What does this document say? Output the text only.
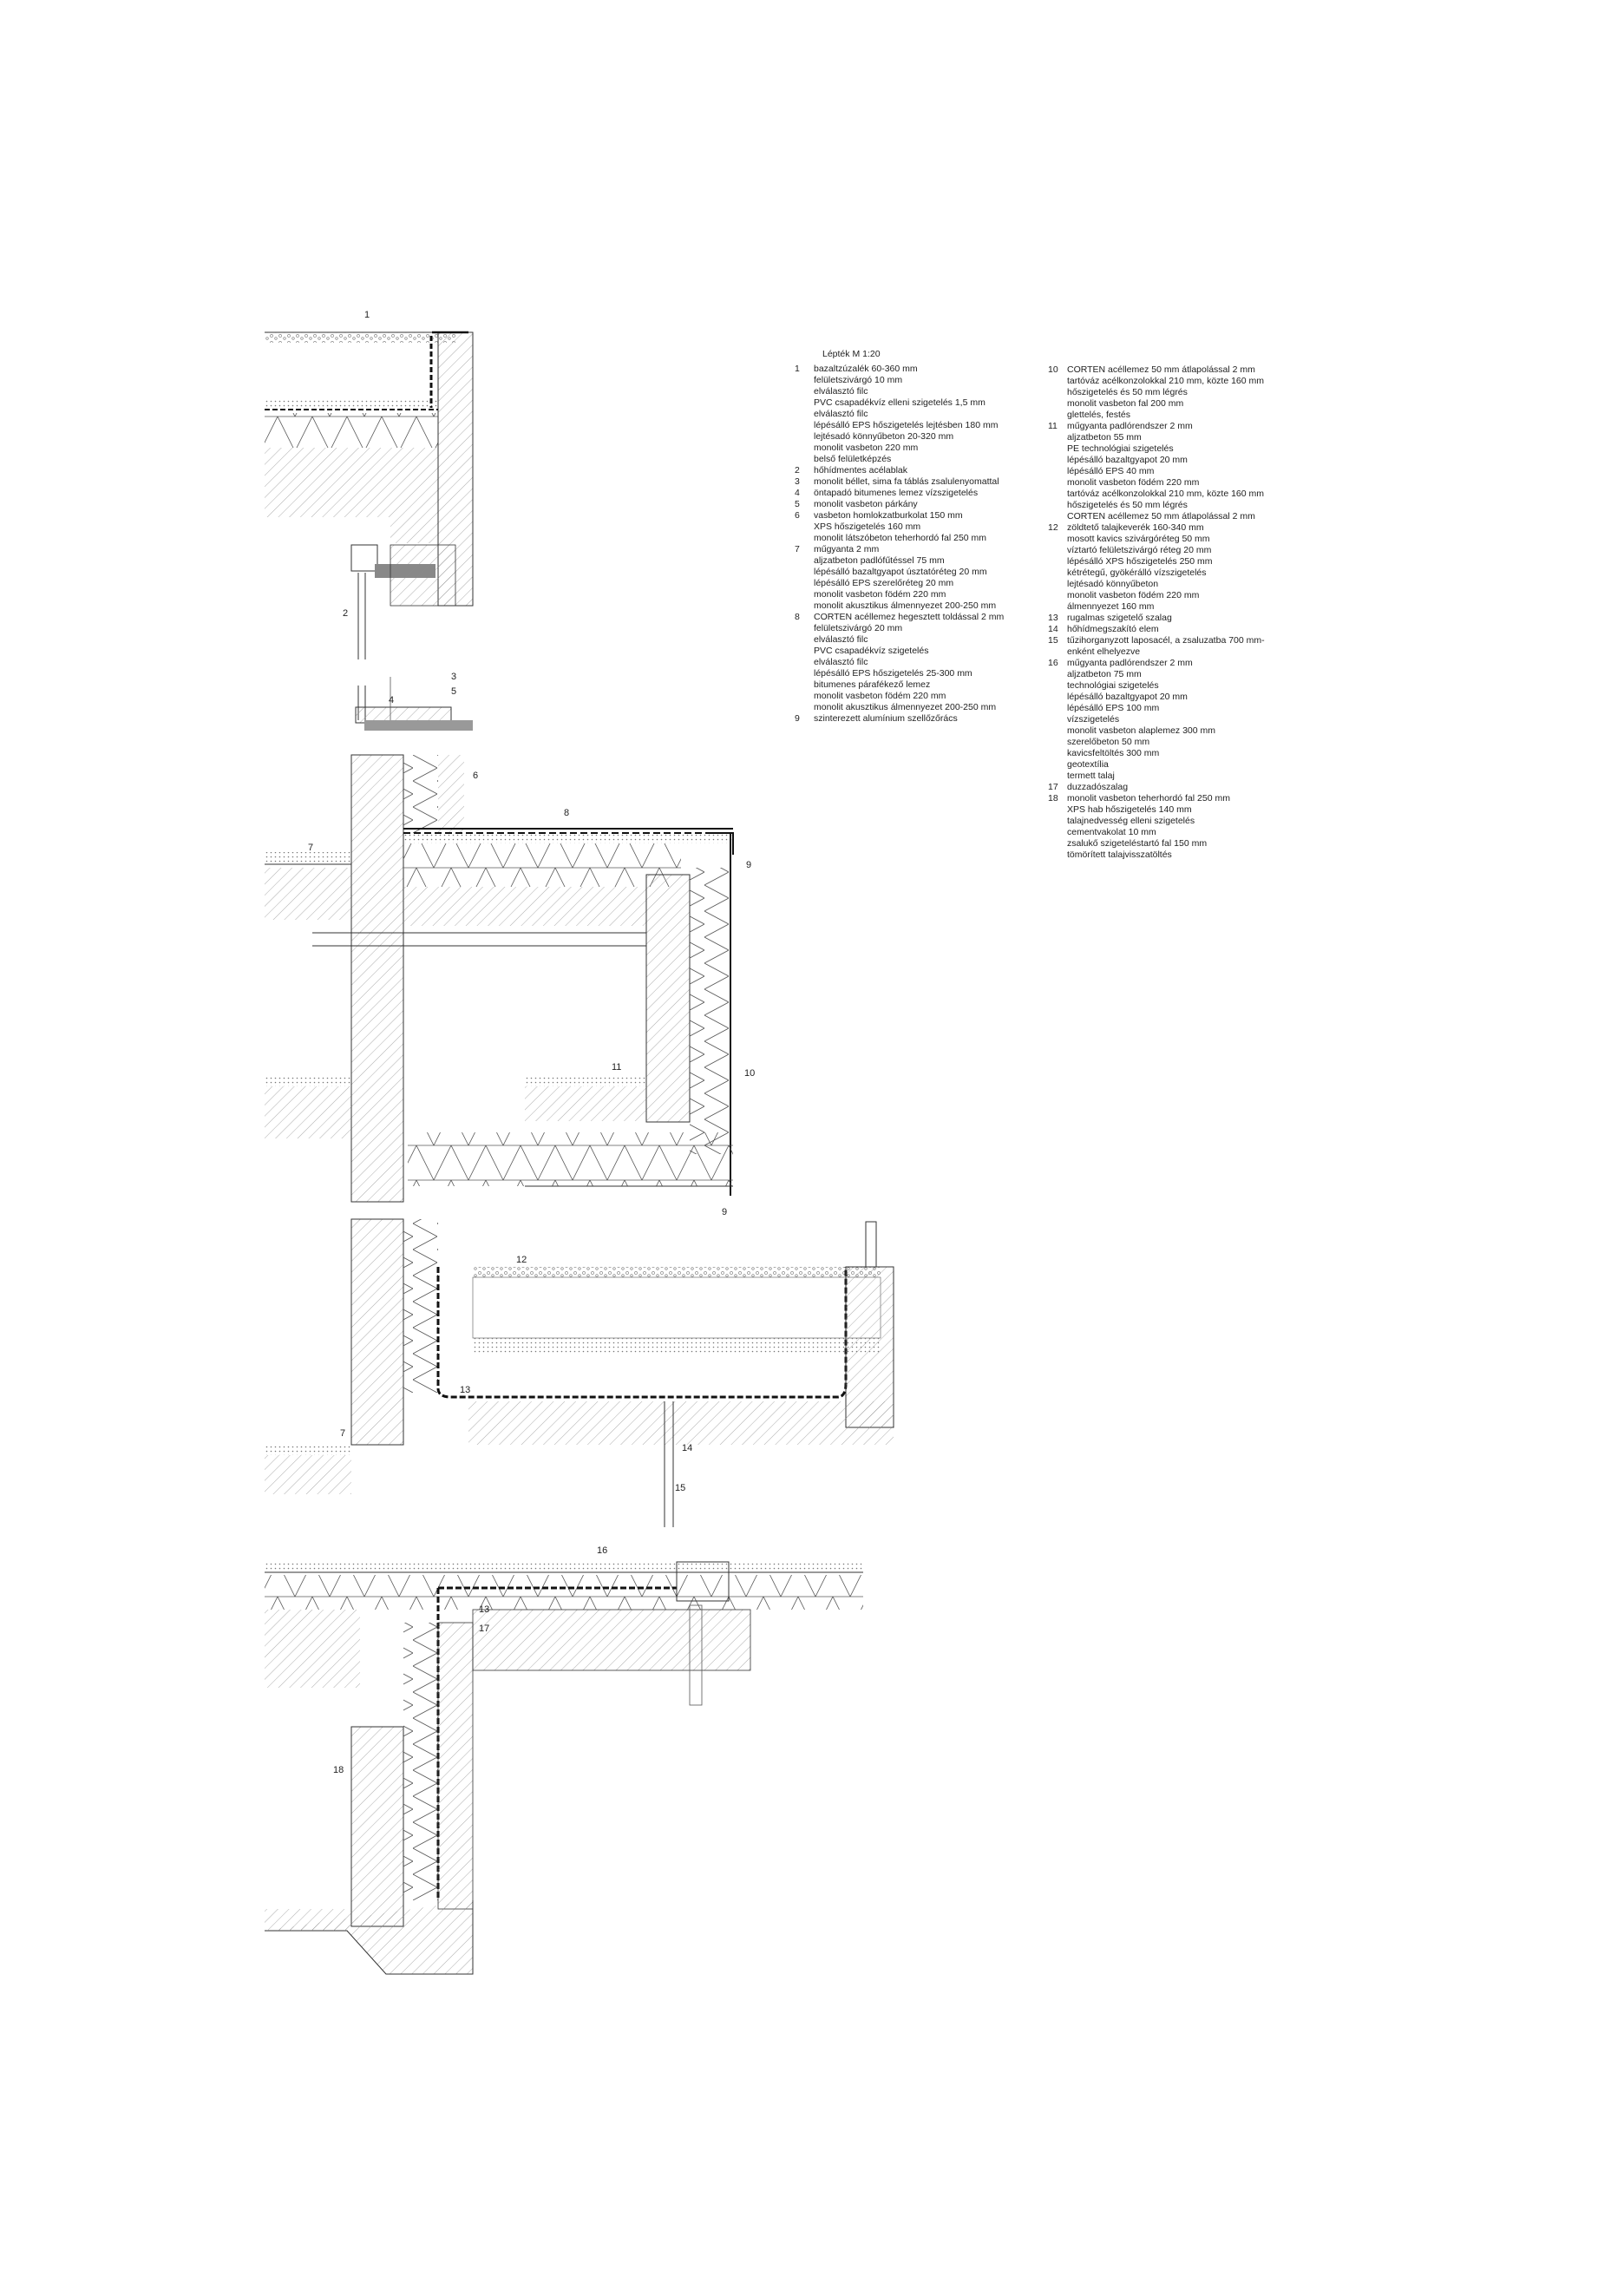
1
2
3
4
5
6
7
8
9
10
11
9
12
13
7
14
15
16
13
17
18
Lépték M 1:20
1	bazaltzúzalék 60-360 mm
felületszivárgó 10 mm
elválasztó filc
PVC csapadékvíz elleni szigetelés 1,5 mm
elválasztó filc
lépésálló EPS hőszigetelés lejtésben 180 mm
lejtésadó könnyűbeton 20-320 mm
monolit vasbeton 220 mm
belső felületképzés
2	hőhídmentes acélablak
3	monolit béllet, sima fa táblás zsalulenyomattal
4	öntapadó bitumenes lemez vízszigetelés
5	monolit vasbeton párkány
6	vasbeton homlokzatburkolat 150 mm
XPS hőszigetelés 160 mm
monolit látszóbeton teherhordó fal 250 mm
7	műgyanta 2 mm
aljzatbeton padlófűtéssel 75 mm
lépésálló bazaltgyapot úsztatóréteg 20 mm
lépésálló EPS szerelőréteg 20 mm
monolit vasbeton födém 220 mm
monolit akusztikus álmennyezet 200-250 mm
8	CORTEN acéllemez hegesztett toldással 2 mm
felületszivárgó 20 mm
elválasztó filc
PVC csapadékvíz szigetelés
elválasztó filc
lépésálló EPS hőszigetelés 25-300 mm
bitumenes párafékező lemez
monolit vasbeton födém 220 mm
monolit akusztikus álmennyezet 200-250 mm
9	szinterezett alumínium szellőzőrács
10 CORTEN acéllemez 50 mm átlapolással 2 mm
tartóváz acélkonzolokkal 210 mm, közte 160 mm
hőszigetelés és 50 mm légrés
monolit vasbeton fal 200 mm
glettelés, festés
11	műgyanta padlórendszer 2 mm
aljzatbeton 55 mm
PE technológiai szigetelés
lépésálló bazaltgyapot 20 mm
lépésálló EPS 40 mm
monolit vasbeton födém 220 mm
tartóváz acélkonzolokkal 210 mm, közte 160 mm
hőszigetelés és 50 mm légrés
CORTEN acéllemez 50 mm átlapolással 2 mm
12 zöldtető talajkeverék 160-340 mm
mosott kavics szivárgóréteg 50 mm
víztartó felületszivárgó réteg 20 mm
lépésálló XPS hőszigetelés 250 mm
kétrétegű, gyökérálló vízszigetelés
lejtésadó könnyűbeton
monolit vasbeton födém 220 mm
álmennyezet 160 mm
13 rugalmas szigetelő szalag
14 hőhídmegszakító elem
15 tűzihorganyzott laposacél, a zsaluzatba 700 mm-
enként elhelyezve
16 műgyanta padlórendszer 2 mm
aljzatbeton 75 mm
technológiai szigetelés
lépésálló bazaltgyapot 20 mm
lépésálló EPS 100 mm
vízszigetelés
monolit vasbeton alaplemez 300 mm
szerelőbeton 50 mm
kavicsfeltöltés 300 mm
geotextília
termett talaj
17 duzzadószalag
18 monolit vasbeton teherhordó fal 250 mm
XPS hab hőszigetelés 140 mm
talajnedvesség elleni szigetelés
cementvakolat 10 mm
zsalukő szigeteléstartó fal 150 mm
tömörített talajvisszatöltés
